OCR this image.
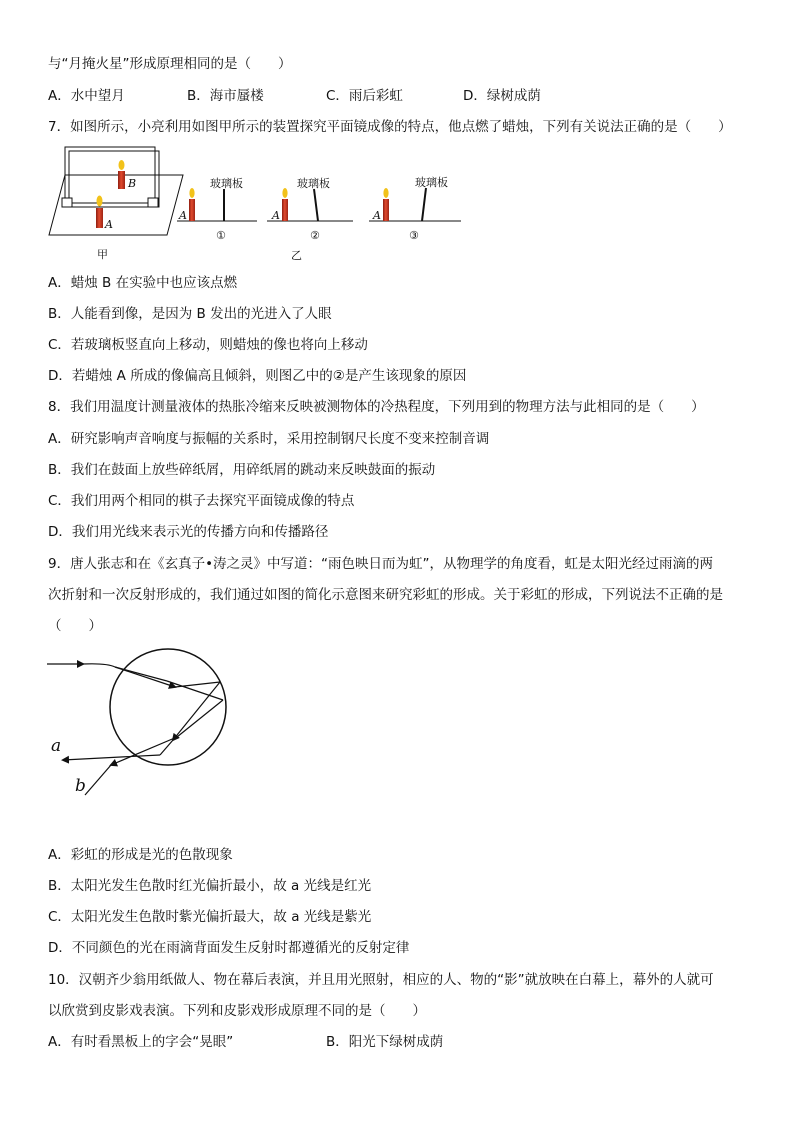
与“月掩火星”形成原理相同的是（　　）
A．水中望月	B．海市蜃楼	C．雨后彩虹	D．绿树成荫
7．如图所示，小亮利用如图甲所示的装置探究平面镜成像的特点，他点燃了蜡烛，下列有关说法正确的是（　　）
B
A
甲
A
玻璃板
①
A
玻璃板
②
A
玻璃板
③
乙
A．蜡烛 B 在实验中也应该点燃
B．人能看到像，是因为 B 发出的光进入了人眼
C．若玻璃板竖直向上移动，则蜡烛的像也将向上移动
D．若蜡烛 A 所成的像偏高且倾斜，则图乙中的②是产生该现象的原因
8．我们用温度计测量液体的热胀冷缩来反映被测物体的冷热程度，下列用到的物理方法与此相同的是（　　）
A．研究影响声音响度与振幅的关系时，采用控制钢尺长度不变来控制音调
B．我们在鼓面上放些碎纸屑，用碎纸屑的跳动来反映鼓面的振动
C．我们用两个相同的棋子去探究平面镜成像的特点
D．我们用光线来表示光的传播方向和传播路径
9．唐人张志和在《玄真子•涛之灵》中写道：“雨色映日而为虹”，从物理学的角度看，虹是太阳光经过雨滴的两
次折射和一次反射形成的，我们通过如图的简化示意图来研究彩虹的形成。关于彩虹的形成，下列说法不正确的是
（　　）
a
b
A．彩虹的形成是光的色散现象
B．太阳光发生色散时红光偏折最小，故 a 光线是红光
C．太阳光发生色散时紫光偏折最大，故 a 光线是紫光
D．不同颜色的光在雨滴背面发生反射时都遵循光的反射定律
10．汉朝齐少翁用纸做人、物在幕后表演，并且用光照射，相应的人、物的“影”就放映在白幕上，幕外的人就可
以欣赏到皮影戏表演。下列和皮影戏形成原理不同的是（　　）
A．有时看黑板上的字会“晃眼”	B．阳光下绿树成荫
